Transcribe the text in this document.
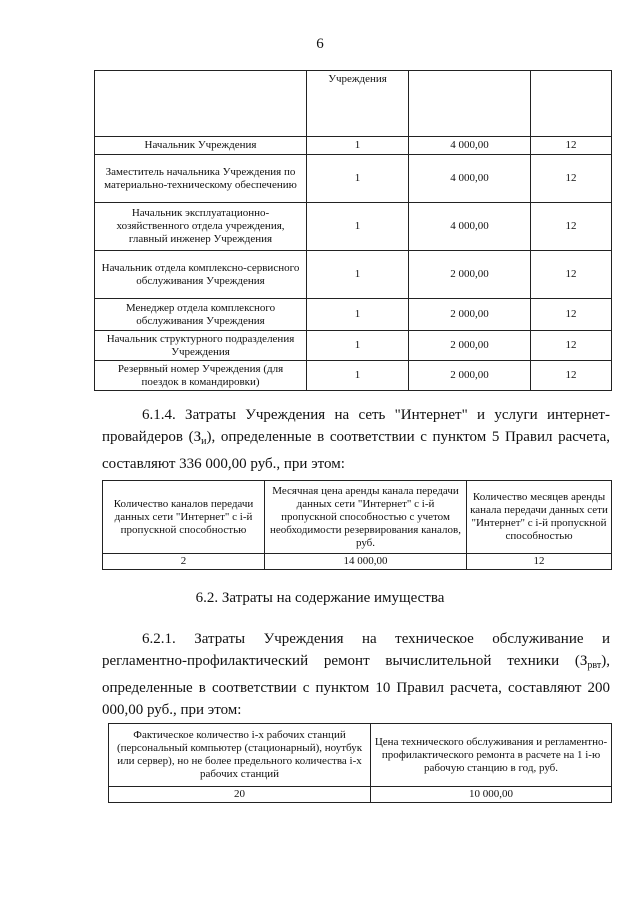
6
	Учреждения		
Начальник Учреждения	1	4 000,00	12
Заместитель начальника Учреждения по материально-техническому обеспечению	1	4 000,00	12
Начальник эксплуатационно-хозяйственного отдела учреждения, главный инженер Учреждения	1	4 000,00	12
Начальник отдела комплексно-сервисного обслуживания Учреждения	1	2 000,00	12
Менеджер отдела комплексного обслуживания Учреждения	1	2 000,00	12
Начальник структурного подразделения Учреждения	1	2 000,00	12
Резервный номер Учреждения (для поездок в командировки)	1	2 000,00	12
6.1.4. Затраты Учреждения на сеть "Интернет" и услуги интернет-провайдеров $(З_и)$, определенные в соответствии с пунктом 5 Правил расчета, составляют 336 000,00 руб., при этом:
Количество каналов передачи данных сети "Интернет" с i-й пропускной способностью	Месячная цена аренды канала передачи данных сети "Интернет" с i-й пропускной способностью с учетом необходимости резервирования каналов, руб.	Количество месяцев аренды канала передачи данных сети "Интернет" с i-й пропускной способностью
2	14 000,00	12
6.2. Затраты на содержание имущества
6.2.1. Затраты Учреждения на техническое обслуживание и регламентно-профилактический ремонт вычислительной техники $(З_{рвт})$, определенные в соответствии с пунктом 10 Правил расчета, составляют 200 000,00 руб., при этом:
Фактическое количество i-х рабочих станций (персональный компьютер (стационарный), ноутбук или сервер), но не более предельного количества i-х рабочих станций	Цена технического обслуживания и регламентно-профилактического ремонта в расчете на 1 i-ю рабочую станцию в год, руб.
20	10 000,00
